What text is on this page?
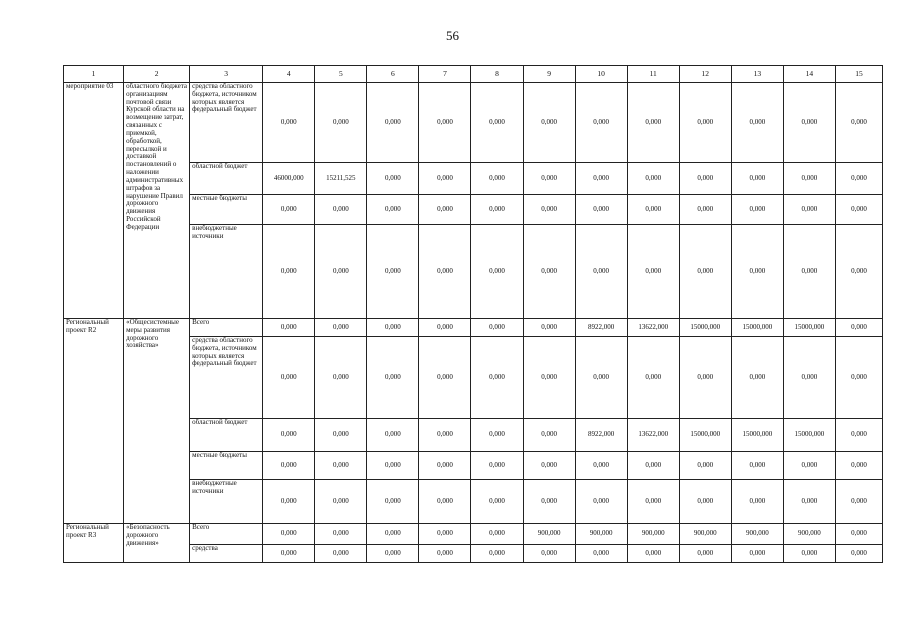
56
1	2	3	4	5	6	7	8	9	10	11	12	13	14	15
мероприятие 03	областного бюджета организациям почтовой связи Курской области на возмещение затрат, связанных с приемкой, обработкой, пересылкой и доставкой постановлений о наложении административных штрафов за нарушение Правил дорожного движения Российской Федерации	средства областного бюджета, источником которых является федеральный бюджет	0,000	0,000	0,000	0,000	0,000	0,000	0,000	0,000	0,000	0,000	0,000	0,000
		областной бюджет	46000,000	15211,525	0,000	0,000	0,000	0,000	0,000	0,000	0,000	0,000	0,000	0,000
		местные бюджеты	0,000	0,000	0,000	0,000	0,000	0,000	0,000	0,000	0,000	0,000	0,000	0,000
		внебюджетные источники	0,000	0,000	0,000	0,000	0,000	0,000	0,000	0,000	0,000	0,000	0,000	0,000
Региональный проект R2	«Общесистемные меры развития дорожного хозяйства»	Всего	0,000	0,000	0,000	0,000	0,000	0,000	8922,000	13622,000	15000,000	15000,000	15000,000	0,000
		средства областного бюджета, источником которых является федеральный бюджет	0,000	0,000	0,000	0,000	0,000	0,000	0,000	0,000	0,000	0,000	0,000	0,000
		областной бюджет	0,000	0,000	0,000	0,000	0,000	0,000	8922,000	13622,000	15000,000	15000,000	15000,000	0,000
		местные бюджеты	0,000	0,000	0,000	0,000	0,000	0,000	0,000	0,000	0,000	0,000	0,000	0,000
		внебюджетные источники	0,000	0,000	0,000	0,000	0,000	0,000	0,000	0,000	0,000	0,000	0,000	0,000
Региональный проект R3	«Безопасность дорожного движения»	Всего	0,000	0,000	0,000	0,000	0,000	900,000	900,000	900,000	900,000	900,000	900,000	0,000
		средства	0,000	0,000	0,000	0,000	0,000	0,000	0,000	0,000	0,000	0,000	0,000	0,000
